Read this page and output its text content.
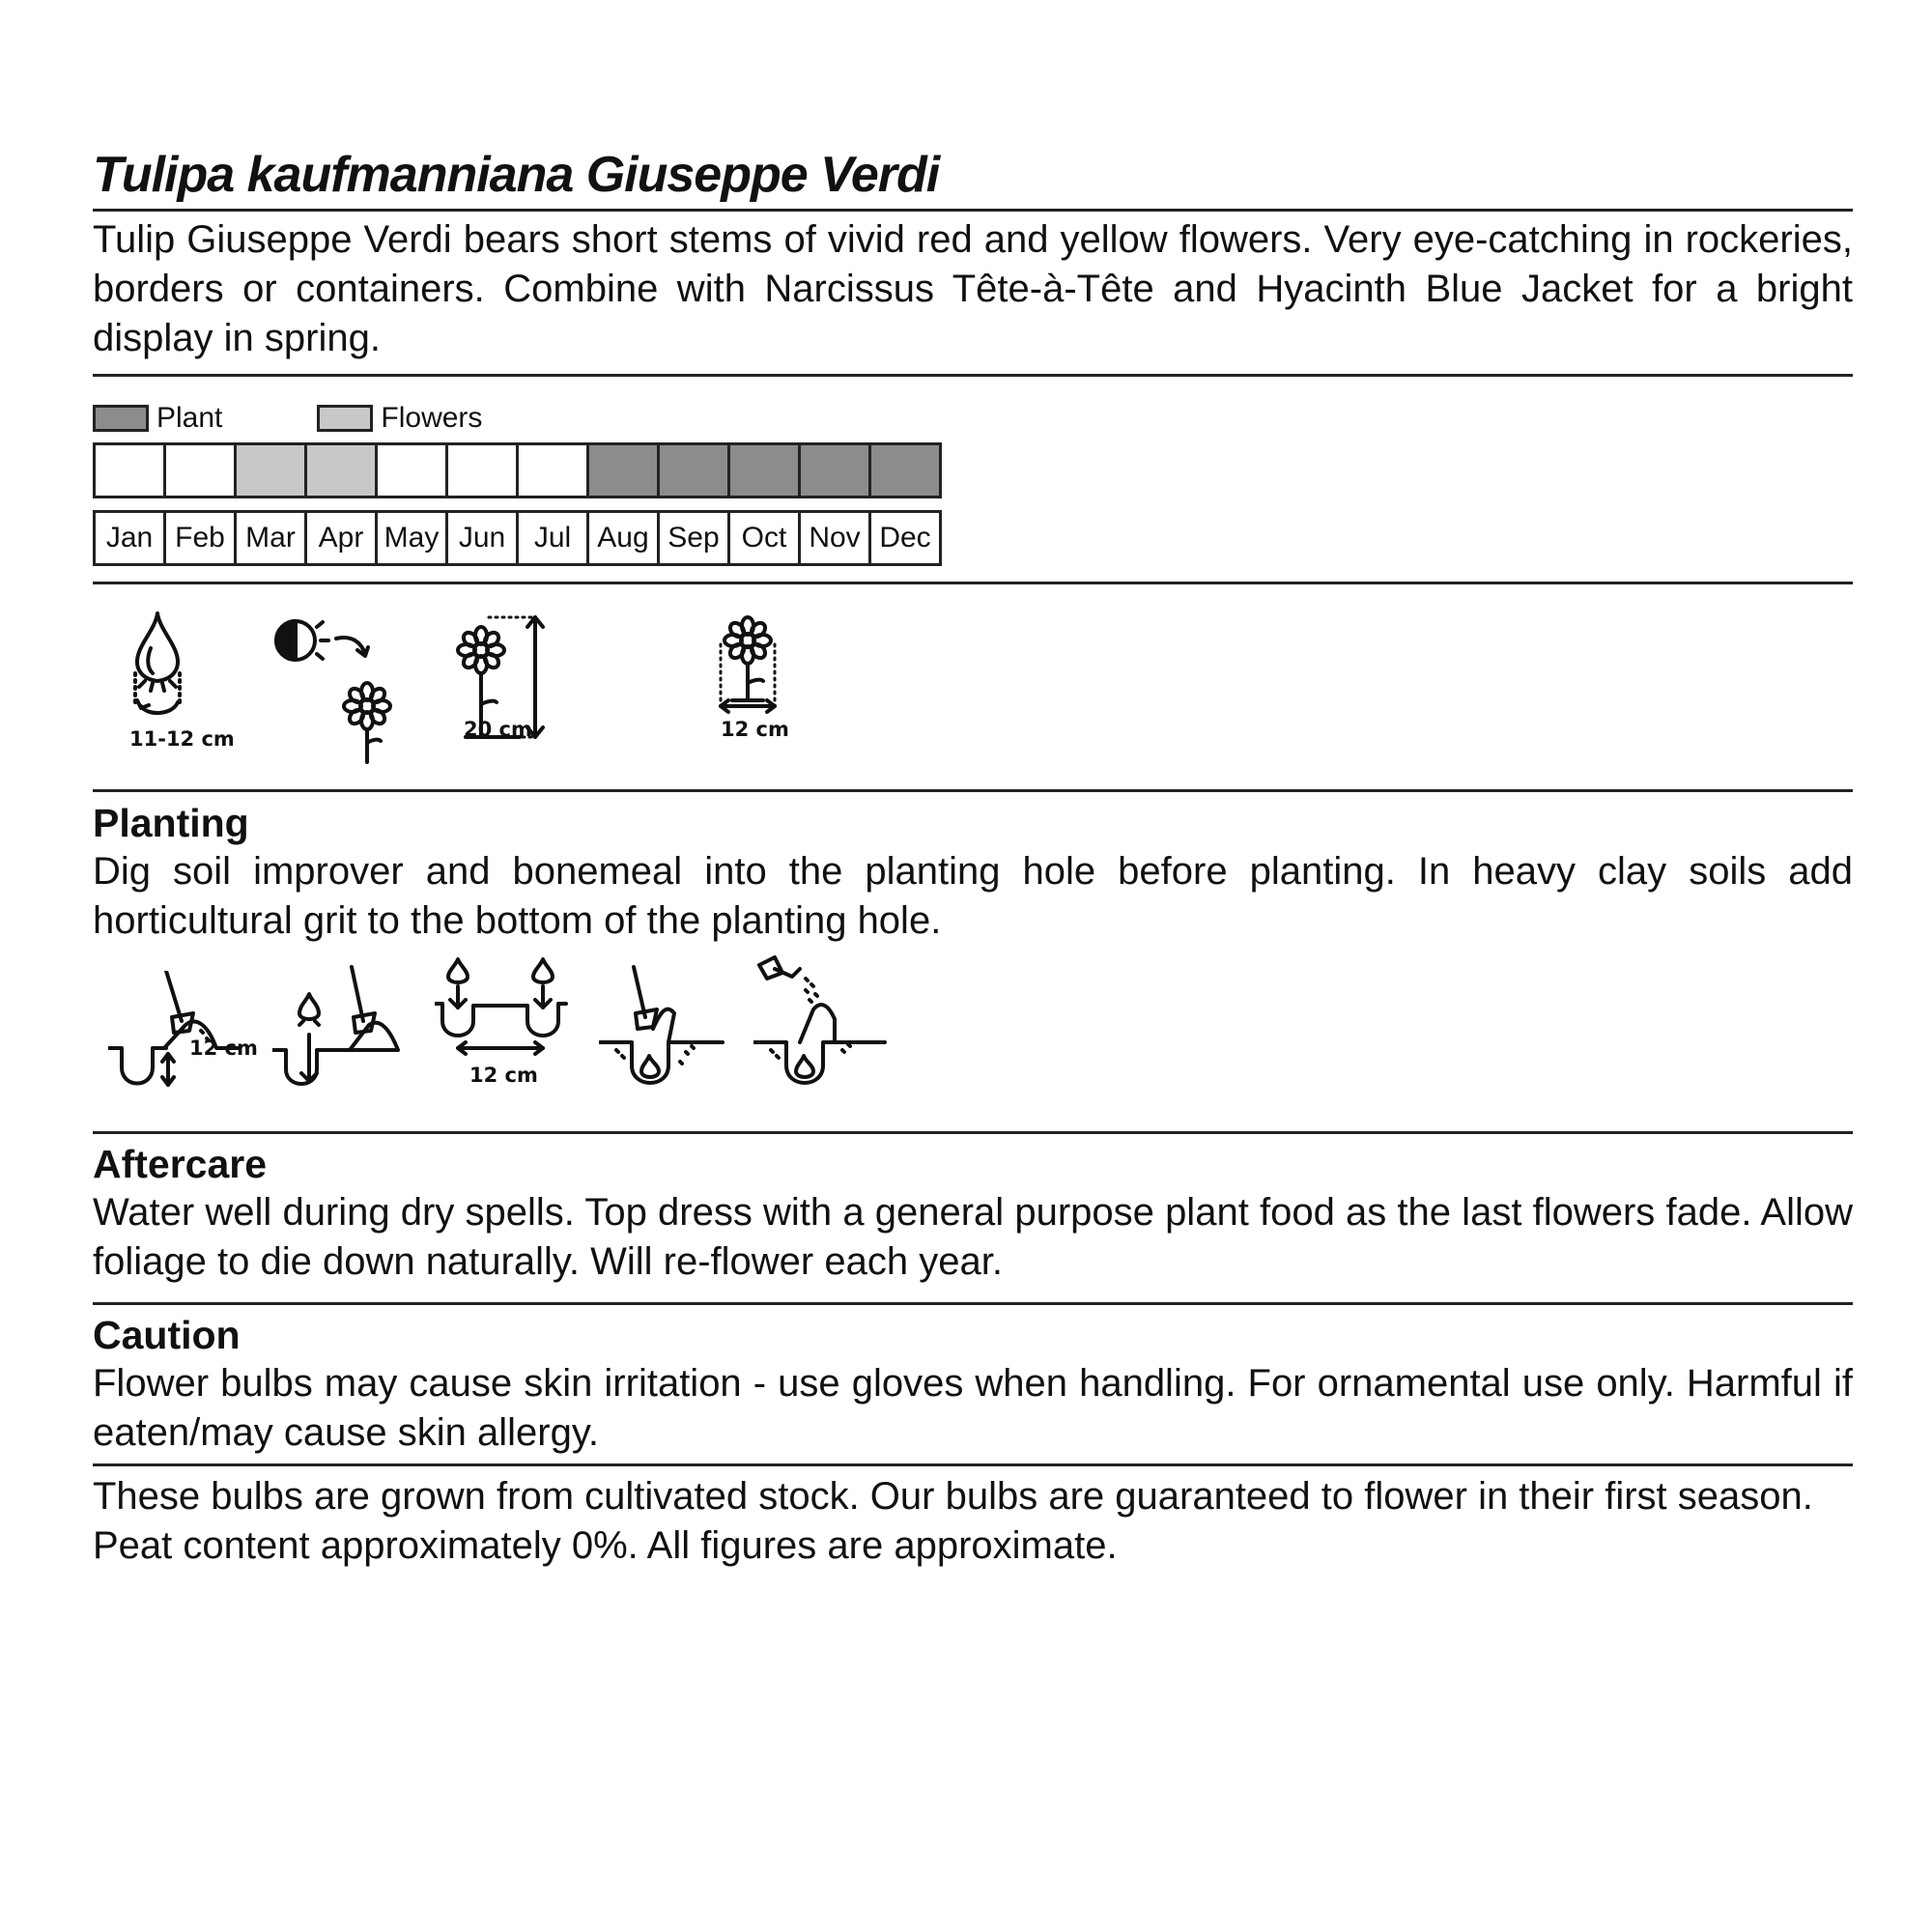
Tulipa kaufmanniana Giuseppe Verdi

Tulip Giuseppe Verdi bears short stems of vivid red and yellow flowers. Very eye-catching in rockeries, borders or containers. Combine with Narcissus Tête-à-Tête and Hyacinth Blue Jacket for a bright display in spring.

Plant	Flowers
Jan Feb Mar Apr May Jun Jul Aug Sep Oct Nov Dec
11-12 cm	20 cm	12 cm
Planting

Dig soil improver and bonemeal into the planting hole before planting. In heavy clay soils add horticultural grit to the bottom of the planting hole.

12 cm
12 cm
Aftercare

Water well during dry spells. Top dress with a general purpose plant food as the last flowers fade. Allow foliage to die down naturally. Will re-flower each year.

Caution

Flower bulbs may cause skin irritation - use gloves when handling. For ornamental use only. Harmful if eaten/may cause skin allergy.

These bulbs are grown from cultivated stock. Our bulbs are guaranteed to flower in their first season. Peat content approximately 0%. All figures are approximate.
